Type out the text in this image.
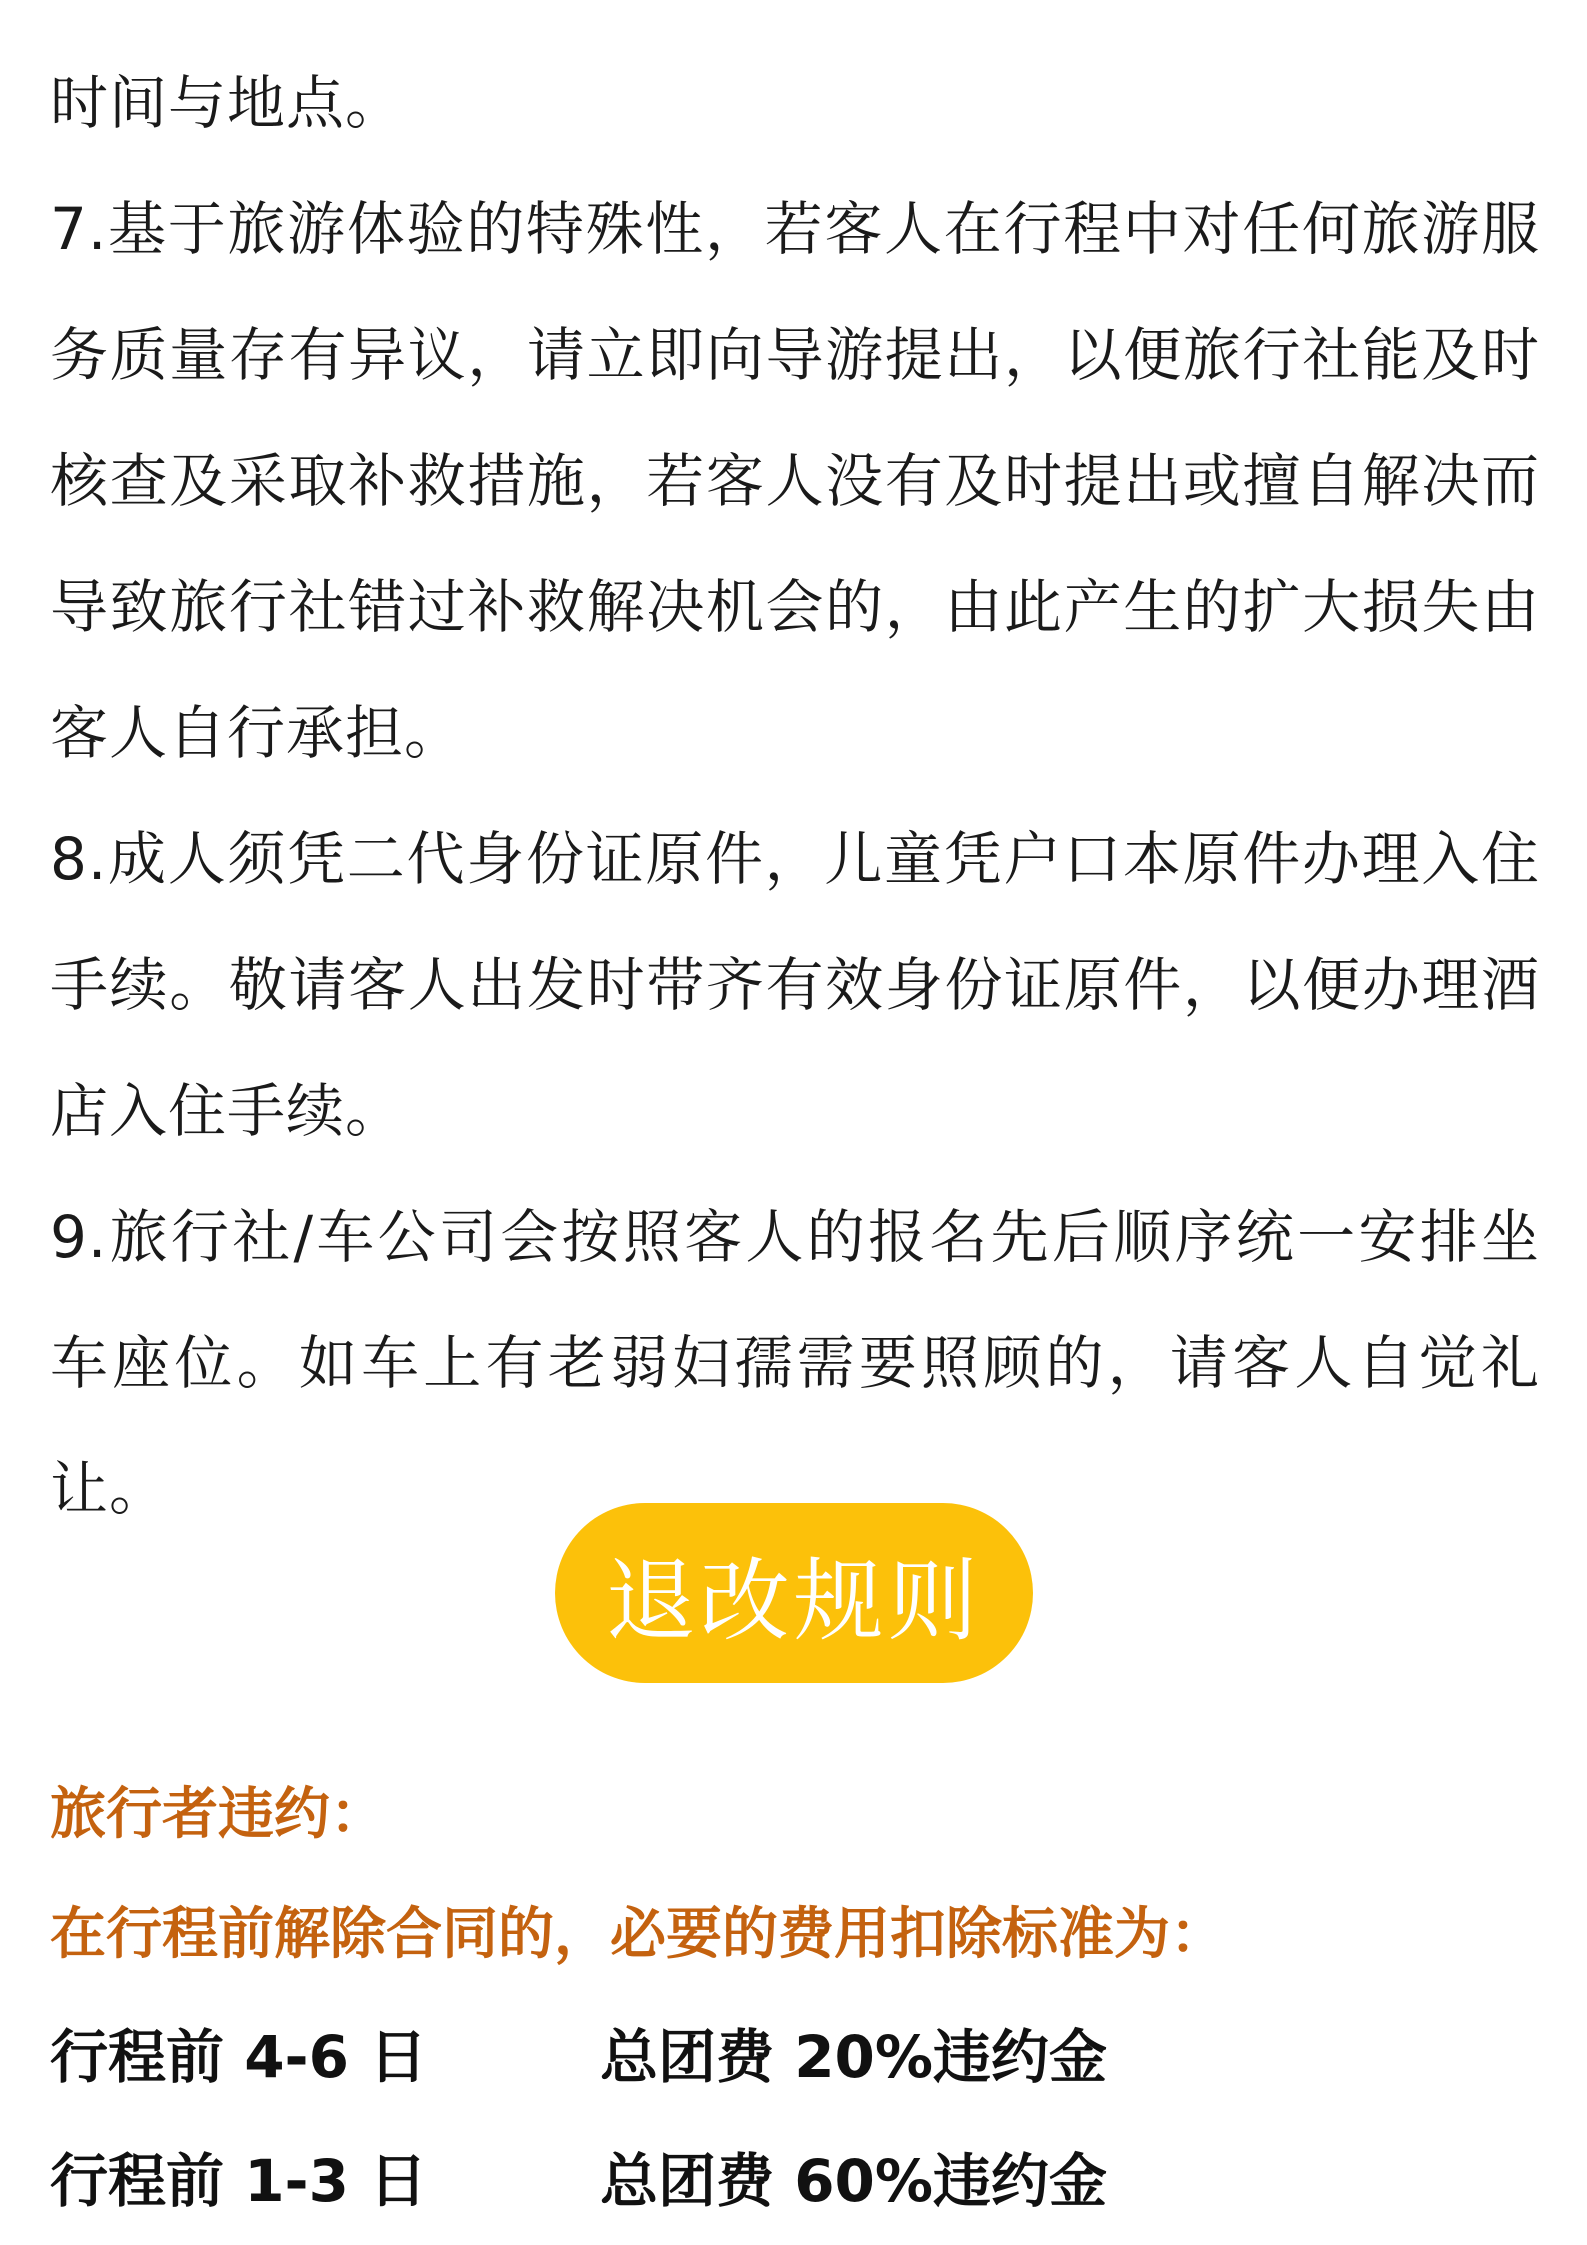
时间与地点。

7.基于旅游体验的特殊性，若客人在行程中对任何旅游服务质量存有异议，请立即向导游提出，以便旅行社能及时核查及采取补救措施，若客人没有及时提出或擅自解决而导致旅行社错过补救解决机会的，由此产生的扩大损失由客人自行承担。

8.成人须凭二代身份证原件，儿童凭户口本原件办理入住手续。敬请客人出发时带齐有效身份证原件，以便办理酒店入住手续。

9.旅行社/车公司会按照客人的报名先后顺序统一安排坐车座位。如车上有老弱妇孺需要照顾的，请客人自觉礼让。

退改规则

旅行者违约：

在行程前解除合同的，必要的费用扣除标准为：

行程前 4-6 日	总团费 20%违约金
行程前 1-3 日	总团费 60%违约金
